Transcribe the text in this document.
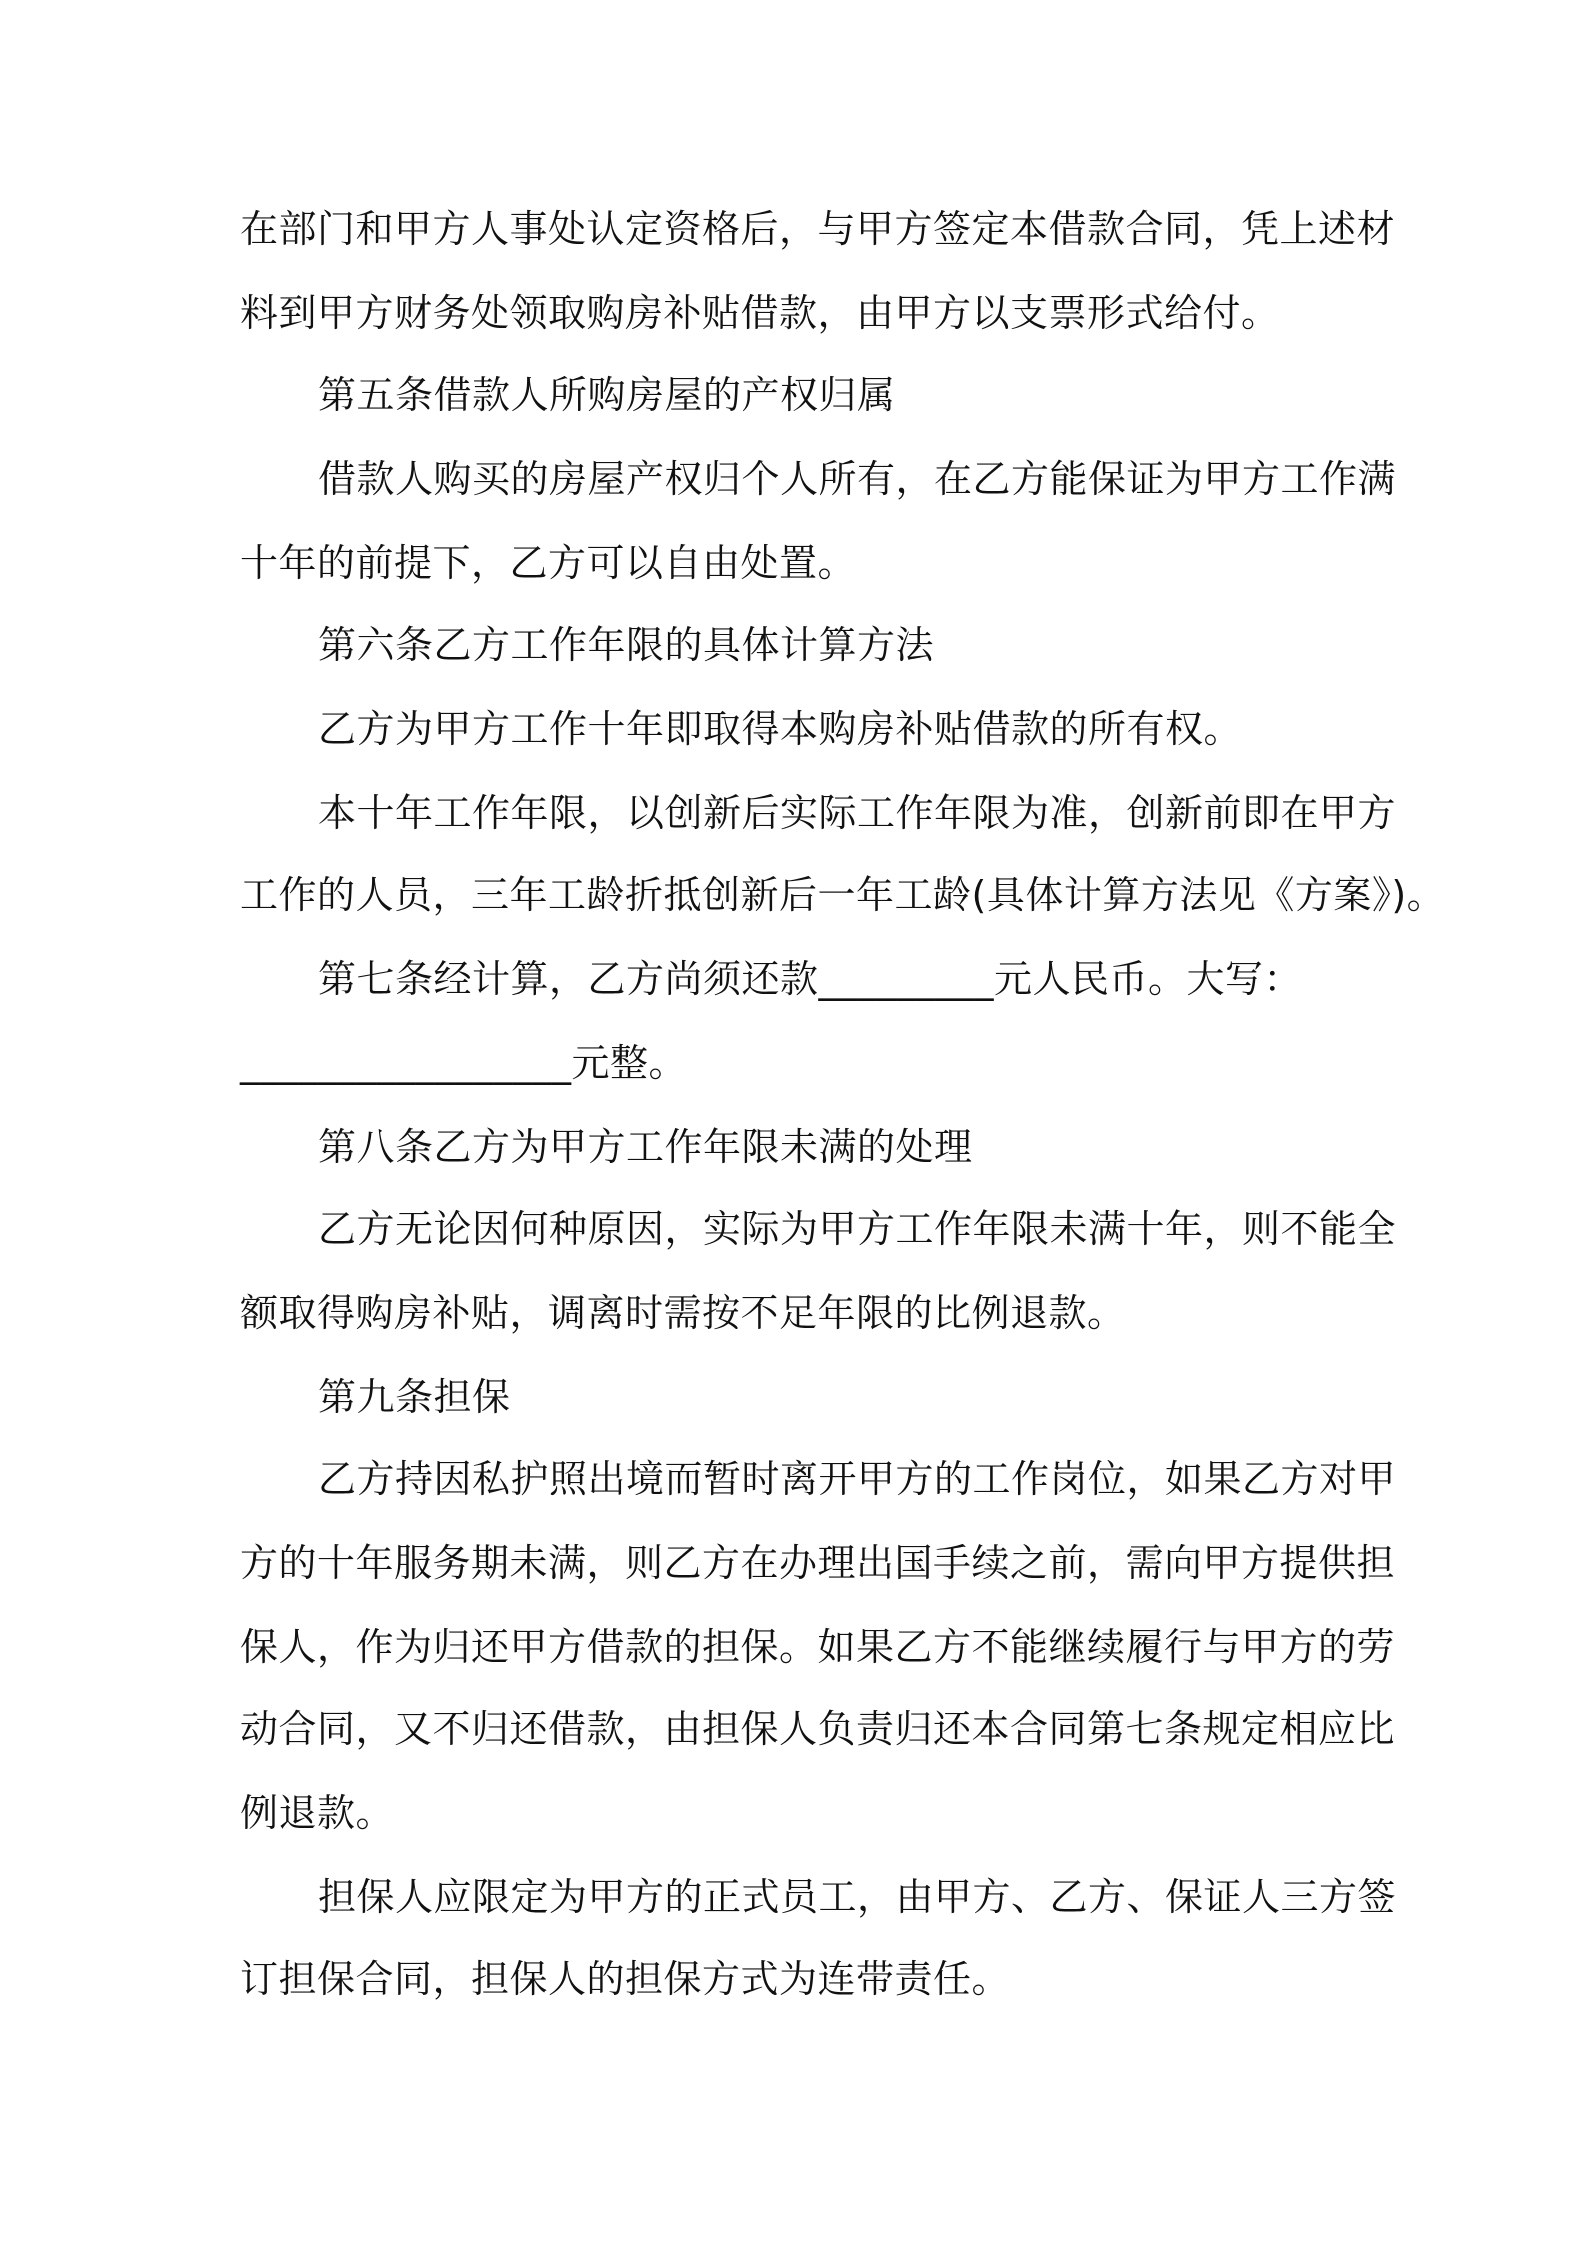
在部门和甲方人事处认定资格后，与甲方签定本借款合同，凭上述材
料到甲方财务处领取购房补贴借款，由甲方以支票形式给付。
第五条借款人所购房屋的产权归属
借款人购买的房屋产权归个人所有，在乙方能保证为甲方工作满
十年的前提下，乙方可以自由处置。
第六条乙方工作年限的具体计算方法
乙方为甲方工作十年即取得本购房补贴借款的所有权。
本十年工作年限，以创新后实际工作年限为准，创新前即在甲方
工作的人员，三年工龄折抵创新后一年工龄(具体计算方法见《方案》)。
第七条经计算，乙方尚须还款_________元人民币。大写：
_________________元整。
第八条乙方为甲方工作年限未满的处理
乙方无论因何种原因，实际为甲方工作年限未满十年，则不能全
额取得购房补贴，调离时需按不足年限的比例退款。
第九条担保
乙方持因私护照出境而暂时离开甲方的工作岗位，如果乙方对甲
方的十年服务期未满，则乙方在办理出国手续之前，需向甲方提供担
保人，作为归还甲方借款的担保。如果乙方不能继续履行与甲方的劳
动合同，又不归还借款，由担保人负责归还本合同第七条规定相应比
例退款。
担保人应限定为甲方的正式员工，由甲方、乙方、保证人三方签
订担保合同，担保人的担保方式为连带责任。
